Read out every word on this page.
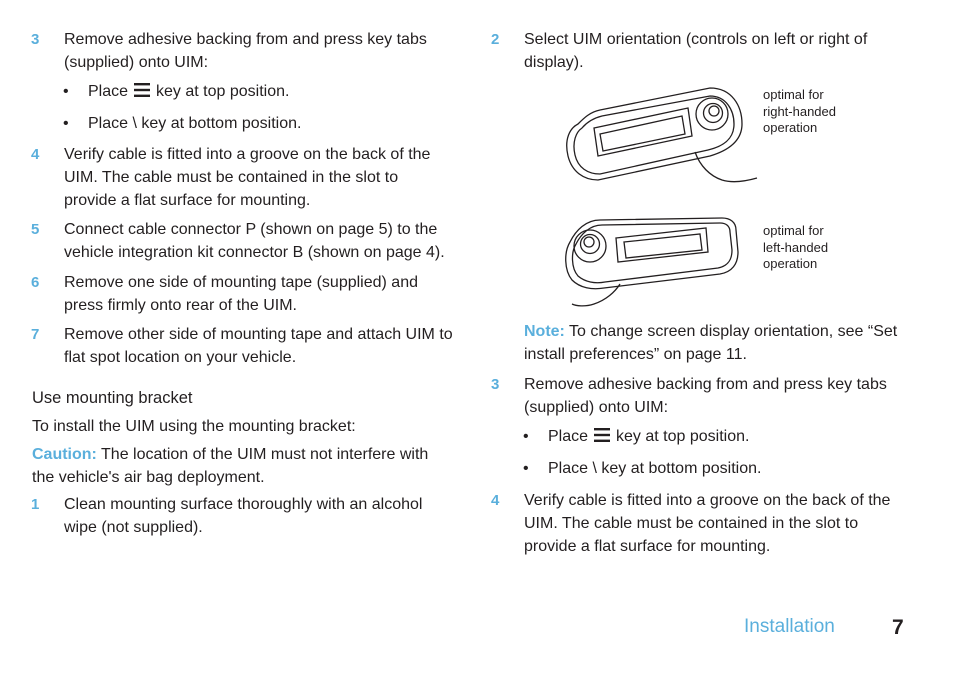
3 Remove adhesive backing from and press key tabs
(supplied) onto UIM:
• Place key at top position.
• Place \ key at bottom position.
4 Verify cable is fitted into a groove on the back of the
UIM. The cable must be contained in the slot to
provide a flat surface for mounting.
5 Connect cable connector P (shown on page 5) to the
vehicle integration kit connector B (shown on page 4).
6 Remove one side of mounting tape (supplied) and
press firmly onto rear of the UIM.
7 Remove other side of mounting tape and attach UIM to
flat spot location on your vehicle.
Use mounting bracket
To install the UIM using the mounting bracket:
Caution: The location of the UIM must not interfere with
the vehicle's air bag deployment.
1 Clean mounting surface thoroughly with an alcohol
wipe (not supplied).
2 Select UIM orientation (controls on left or right of
display).
optimal for
right-handed
operation
optimal for
left-handed
operation
Note: To change screen display orientation, see “Set
install preferences” on page 11.
3 Remove adhesive backing from and press key tabs
(supplied) onto UIM:
• Place key at top position.
• Place \ key at bottom position.
4 Verify cable is fitted into a groove on the back of the
UIM. The cable must be contained in the slot to
provide a flat surface for mounting.
Installation	7
